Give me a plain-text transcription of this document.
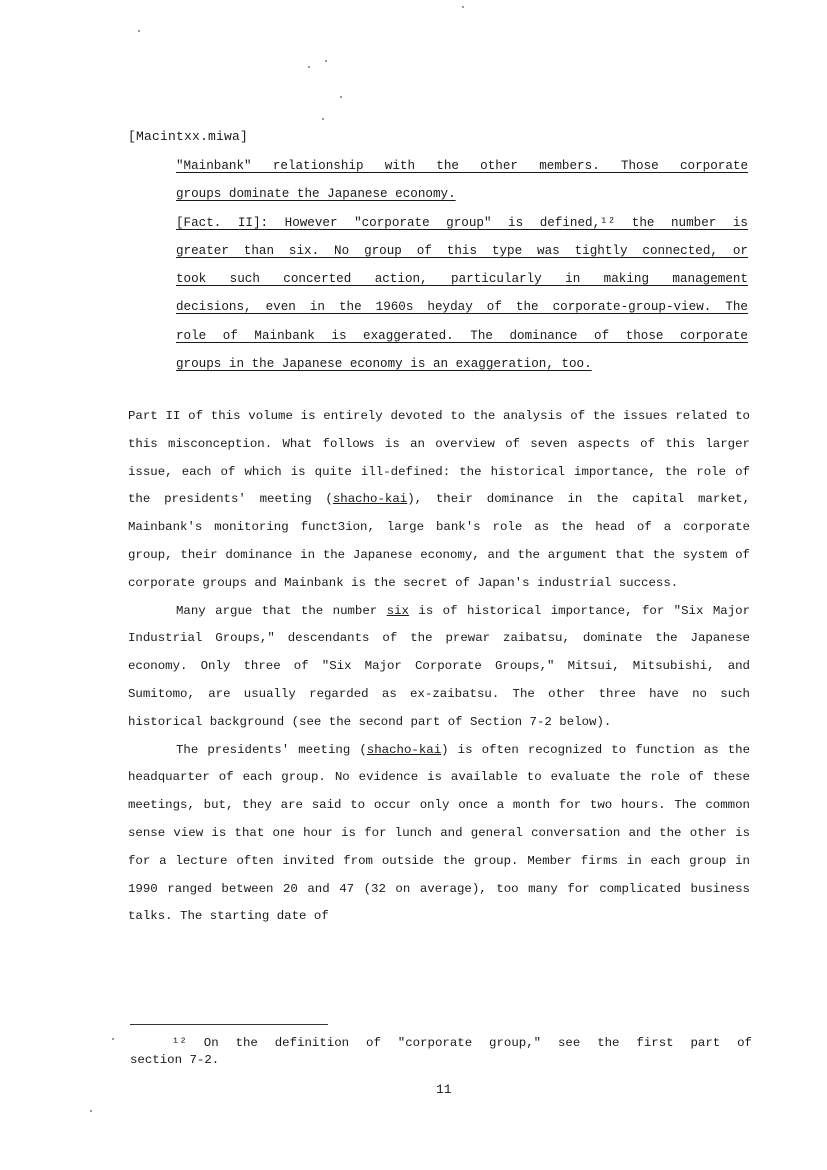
[Macintxx.miwa]
"Mainbank" relationship with the other members. Those corporate
groups dominate the Japanese economy.
[Fact. II]: However "corporate group" is defined,¹² the number is
greater than six. No group of this type was tightly connected, or
took such concerted action, particularly in making management
decisions, even in the 1960s heyday of the corporate-group-view. The
role of Mainbank is exaggerated. The dominance of those corporate
groups in the Japanese economy is an exaggeration, too.

Part II of this volume is entirely devoted to the analysis of the issues related to this misconception. What follows is an overview of seven aspects of this larger issue, each of which is quite ill-defined: the historical importance, the role of the presidents' meeting (shacho-kai), their dominance in the capital market, Mainbank's monitoring funct3ion, large bank's role as the head of a corporate group, their dominance in the Japanese economy, and the argument that the system of corporate groups and Mainbank is the secret of Japan's industrial success.

Many argue that the number six is of historical importance, for "Six Major Industrial Groups," descendants of the prewar zaibatsu, dominate the Japanese economy. Only three of "Six Major Corporate Groups," Mitsui, Mitsubishi, and Sumitomo, are usually regarded as ex-zaibatsu. The other three have no such historical background (see the second part of Section 7-2 below).

The presidents' meeting (shacho-kai) is often recognized to function as the headquarter of each group. No evidence is available to evaluate the role of these meetings, but, they are said to occur only once a month for two hours. The common sense view is that one hour is for lunch and general conversation and the other is for a lecture often invited from outside the group. Member firms in each group in 1990 ranged between 20 and 47 (32 on average), too many for complicated business talks. The starting date of

¹² On the definition of "corporate group," see the first part of
section 7-2.
11
